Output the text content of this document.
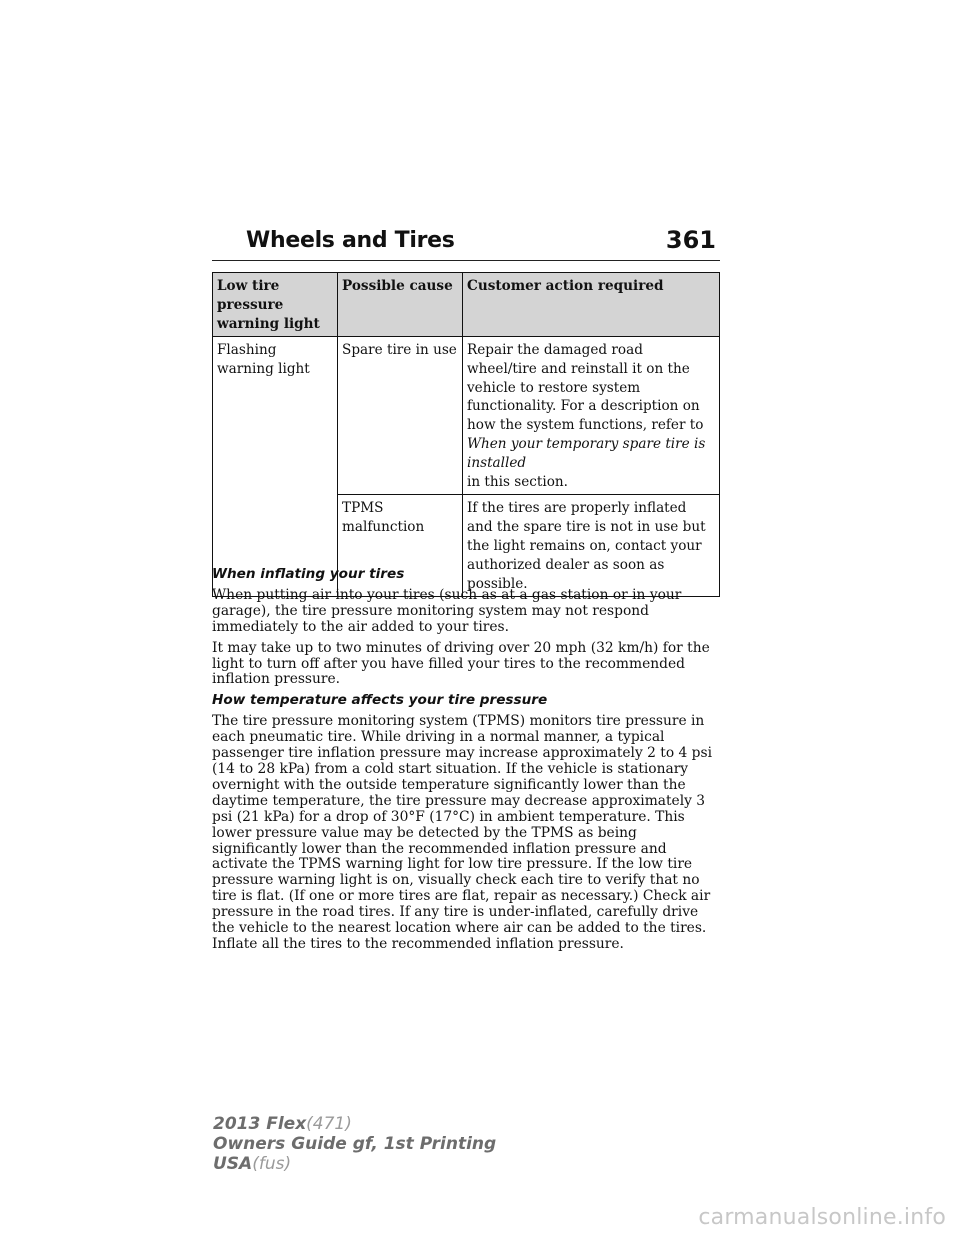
Wheels and Tires	361
Low tire pressure warning light	Possible cause	Customer action required
Flashing warning light	Spare tire in use	Repair the damaged road wheel/tire and reinstall it on the vehicle to restore system functionality. For a description on how the system functions, refer to When your temporary spare tire is installed
in this section.
	TPMS malfunction	If the tires are properly inflated and the spare tire is not in use but the light remains on, contact your authorized dealer as soon as possible.
When inflating your tires

When putting air into your tires (such as at a gas station or in your garage), the tire pressure monitoring system may not respond immediately to the air added to your tires.

It may take up to two minutes of driving over 20 mph (32 km/h) for the light to turn off after you have filled your tires to the recommended inflation pressure.

How temperature affects your tire pressure

The tire pressure monitoring system (TPMS) monitors tire pressure in each pneumatic tire. While driving in a normal manner, a typical passenger tire inflation pressure may increase approximately 2 to 4 psi (14 to 28 kPa) from a cold start situation. If the vehicle is stationary overnight with the outside temperature significantly lower than the daytime temperature, the tire pressure may decrease approximately 3 psi (21 kPa) for a drop of 30°F (17°C) in ambient temperature. This lower pressure value may be detected by the TPMS as being significantly lower than the recommended inflation pressure and activate the TPMS warning light for low tire pressure. If the low tire pressure warning light is on, visually check each tire to verify that no tire is flat. (If one or more tires are flat, repair as necessary.) Check air pressure in the road tires. If any tire is under-inflated, carefully drive the vehicle to the nearest location where air can be added to the tires. Inflate all the tires to the recommended inflation pressure.

2013 Flex(471)
Owners Guide gf, 1st Printing
USA(fus)
carmanualsonline.info
